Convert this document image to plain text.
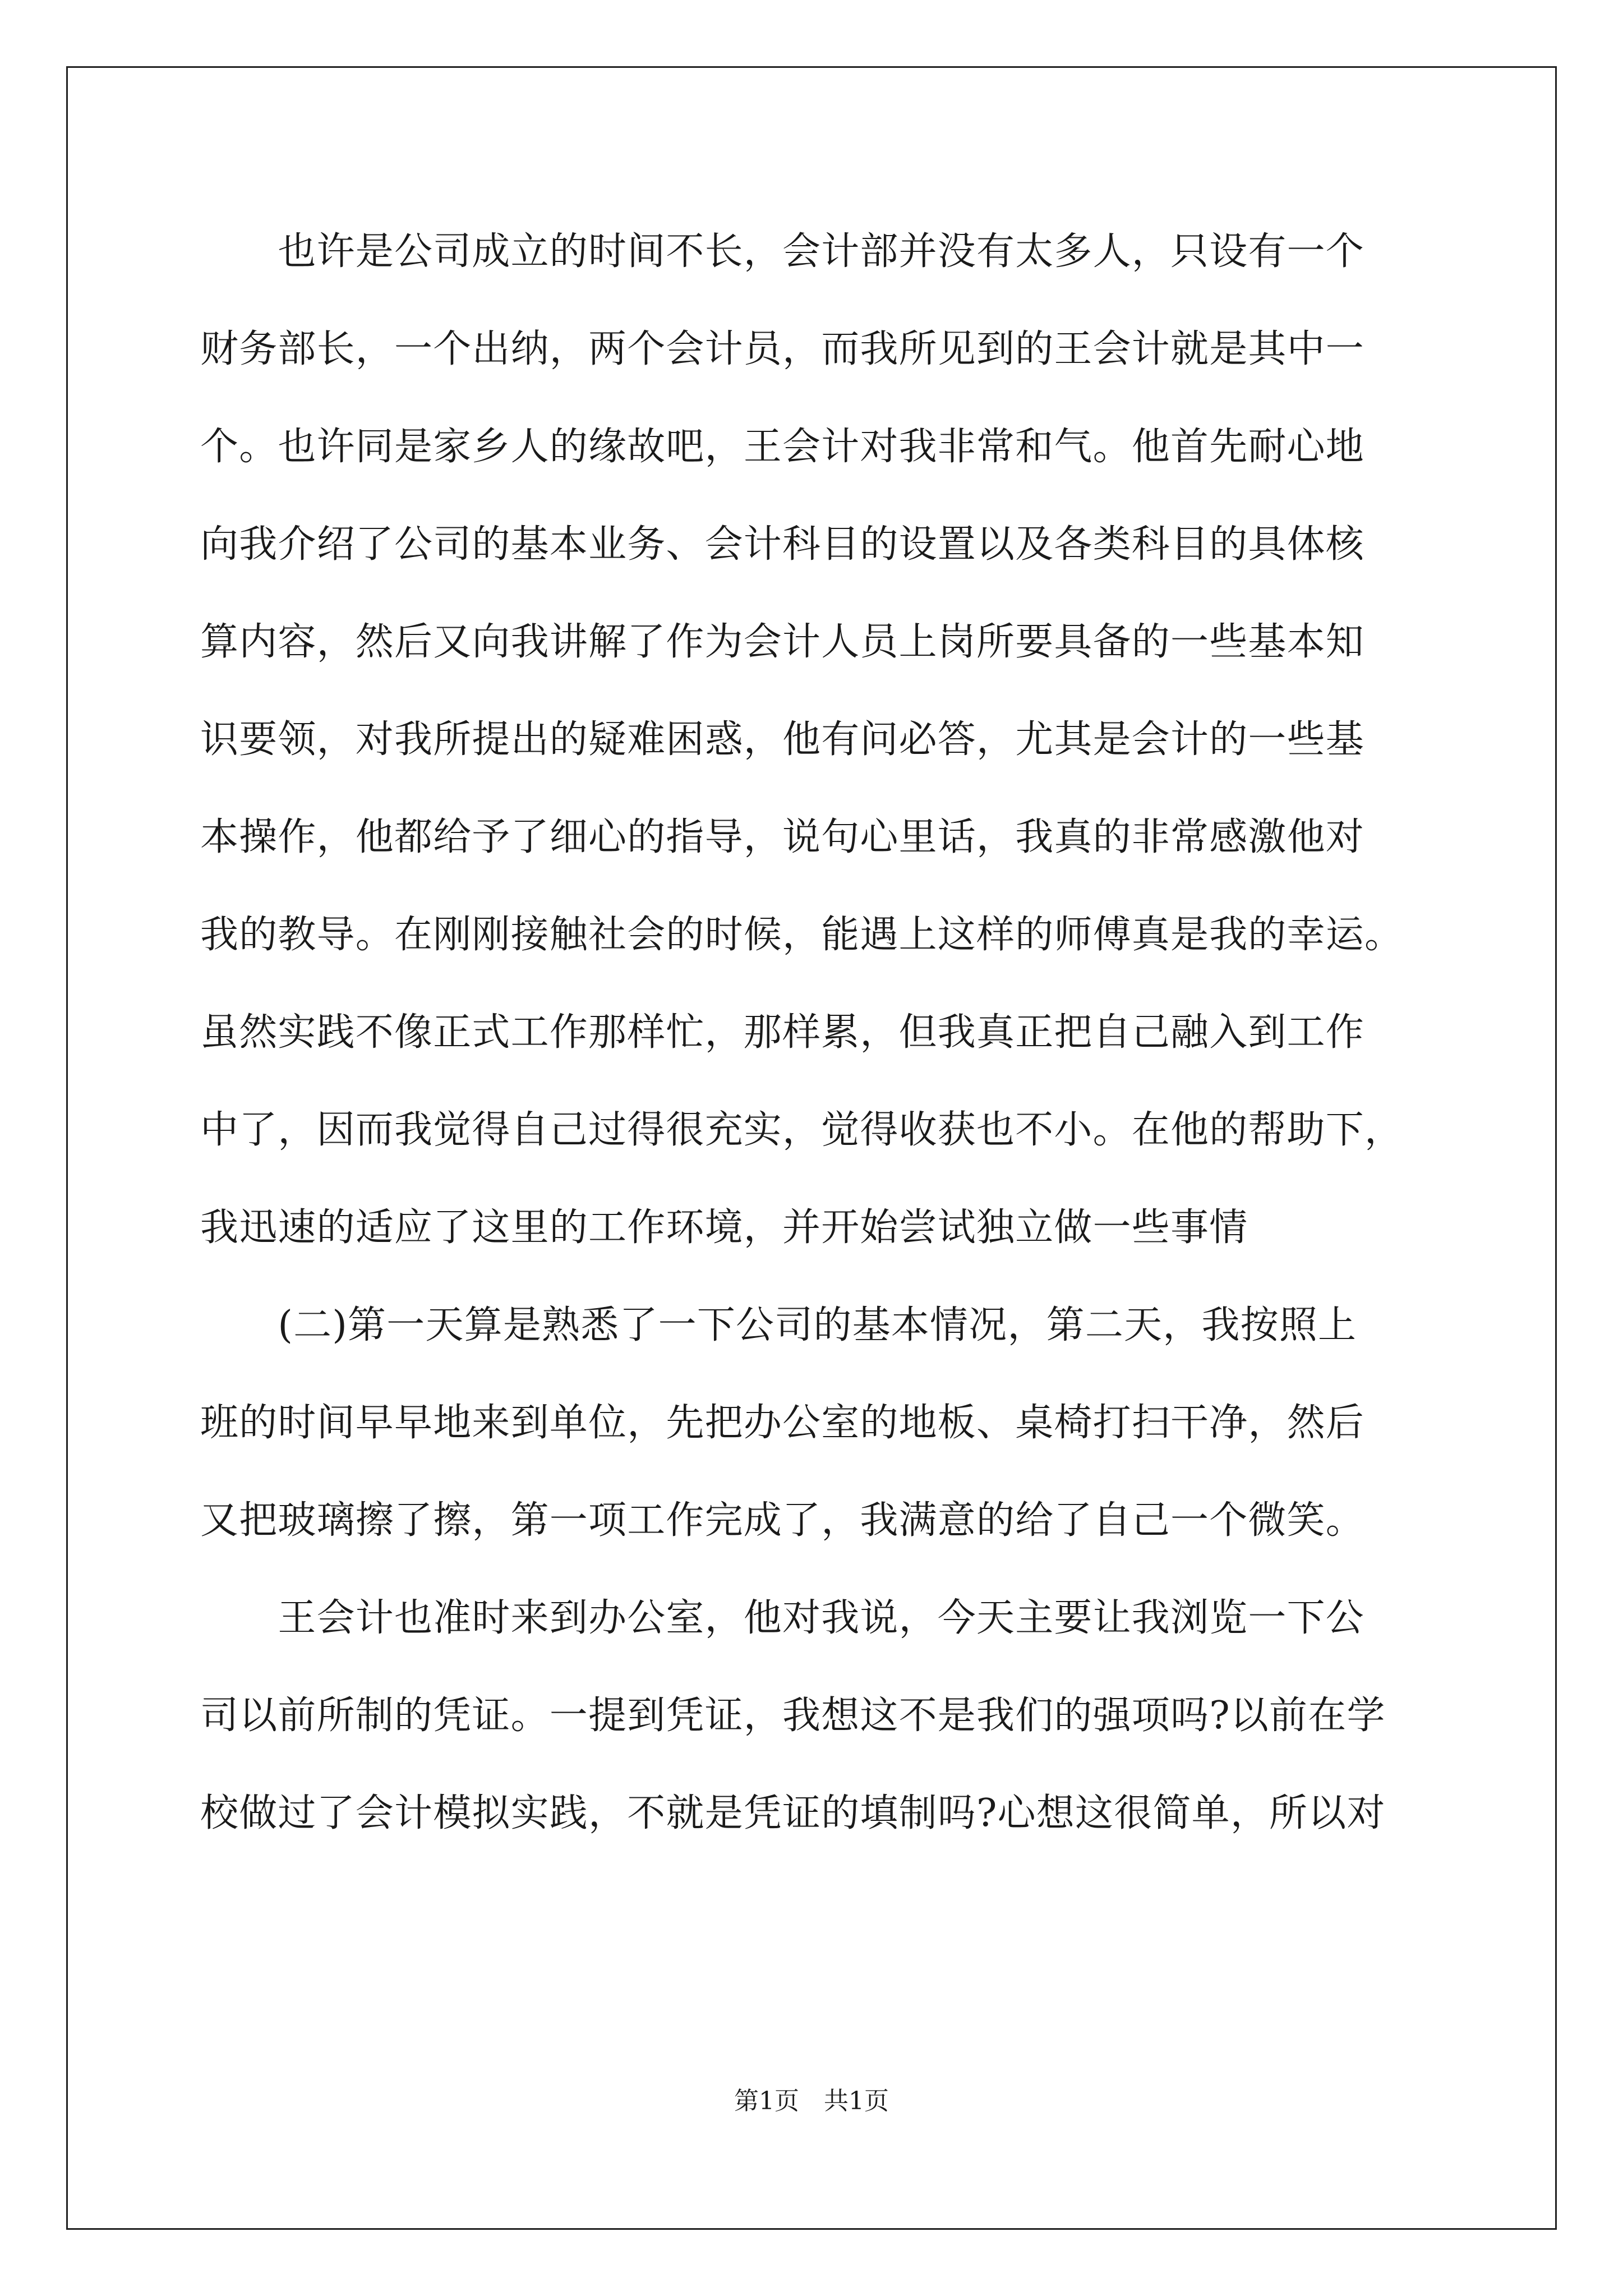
　　也许是公司成立的时间不长，会计部并没有太多人，只设有一个
财务部长，一个出纳，两个会计员，而我所见到的王会计就是其中一
个。也许同是家乡人的缘故吧，王会计对我非常和气。他首先耐心地
向我介绍了公司的基本业务、会计科目的设置以及各类科目的具体核
算内容，然后又向我讲解了作为会计人员上岗所要具备的一些基本知
识要领，对我所提出的疑难困惑，他有问必答，尤其是会计的一些基
本操作，他都给予了细心的指导，说句心里话，我真的非常感激他对
我的教导。在刚刚接触社会的时候，能遇上这样的师傅真是我的幸运。
虽然实践不像正式工作那样忙，那样累，但我真正把自己融入到工作
中了，因而我觉得自己过得很充实，觉得收获也不小。在他的帮助下，
我迅速的适应了这里的工作环境，并开始尝试独立做一些事情
　　(二)第一天算是熟悉了一下公司的基本情况，第二天，我按照上
班的时间早早地来到单位，先把办公室的地板、桌椅打扫干净，然后
又把玻璃擦了擦，第一项工作完成了，我满意的给了自己一个微笑。
　　王会计也准时来到办公室，他对我说，今天主要让我浏览一下公
司以前所制的凭证。一提到凭证，我想这不是我们的强项吗?以前在学
校做过了会计模拟实践，不就是凭证的填制吗?心想这很简单，所以对
第1页　共1页
